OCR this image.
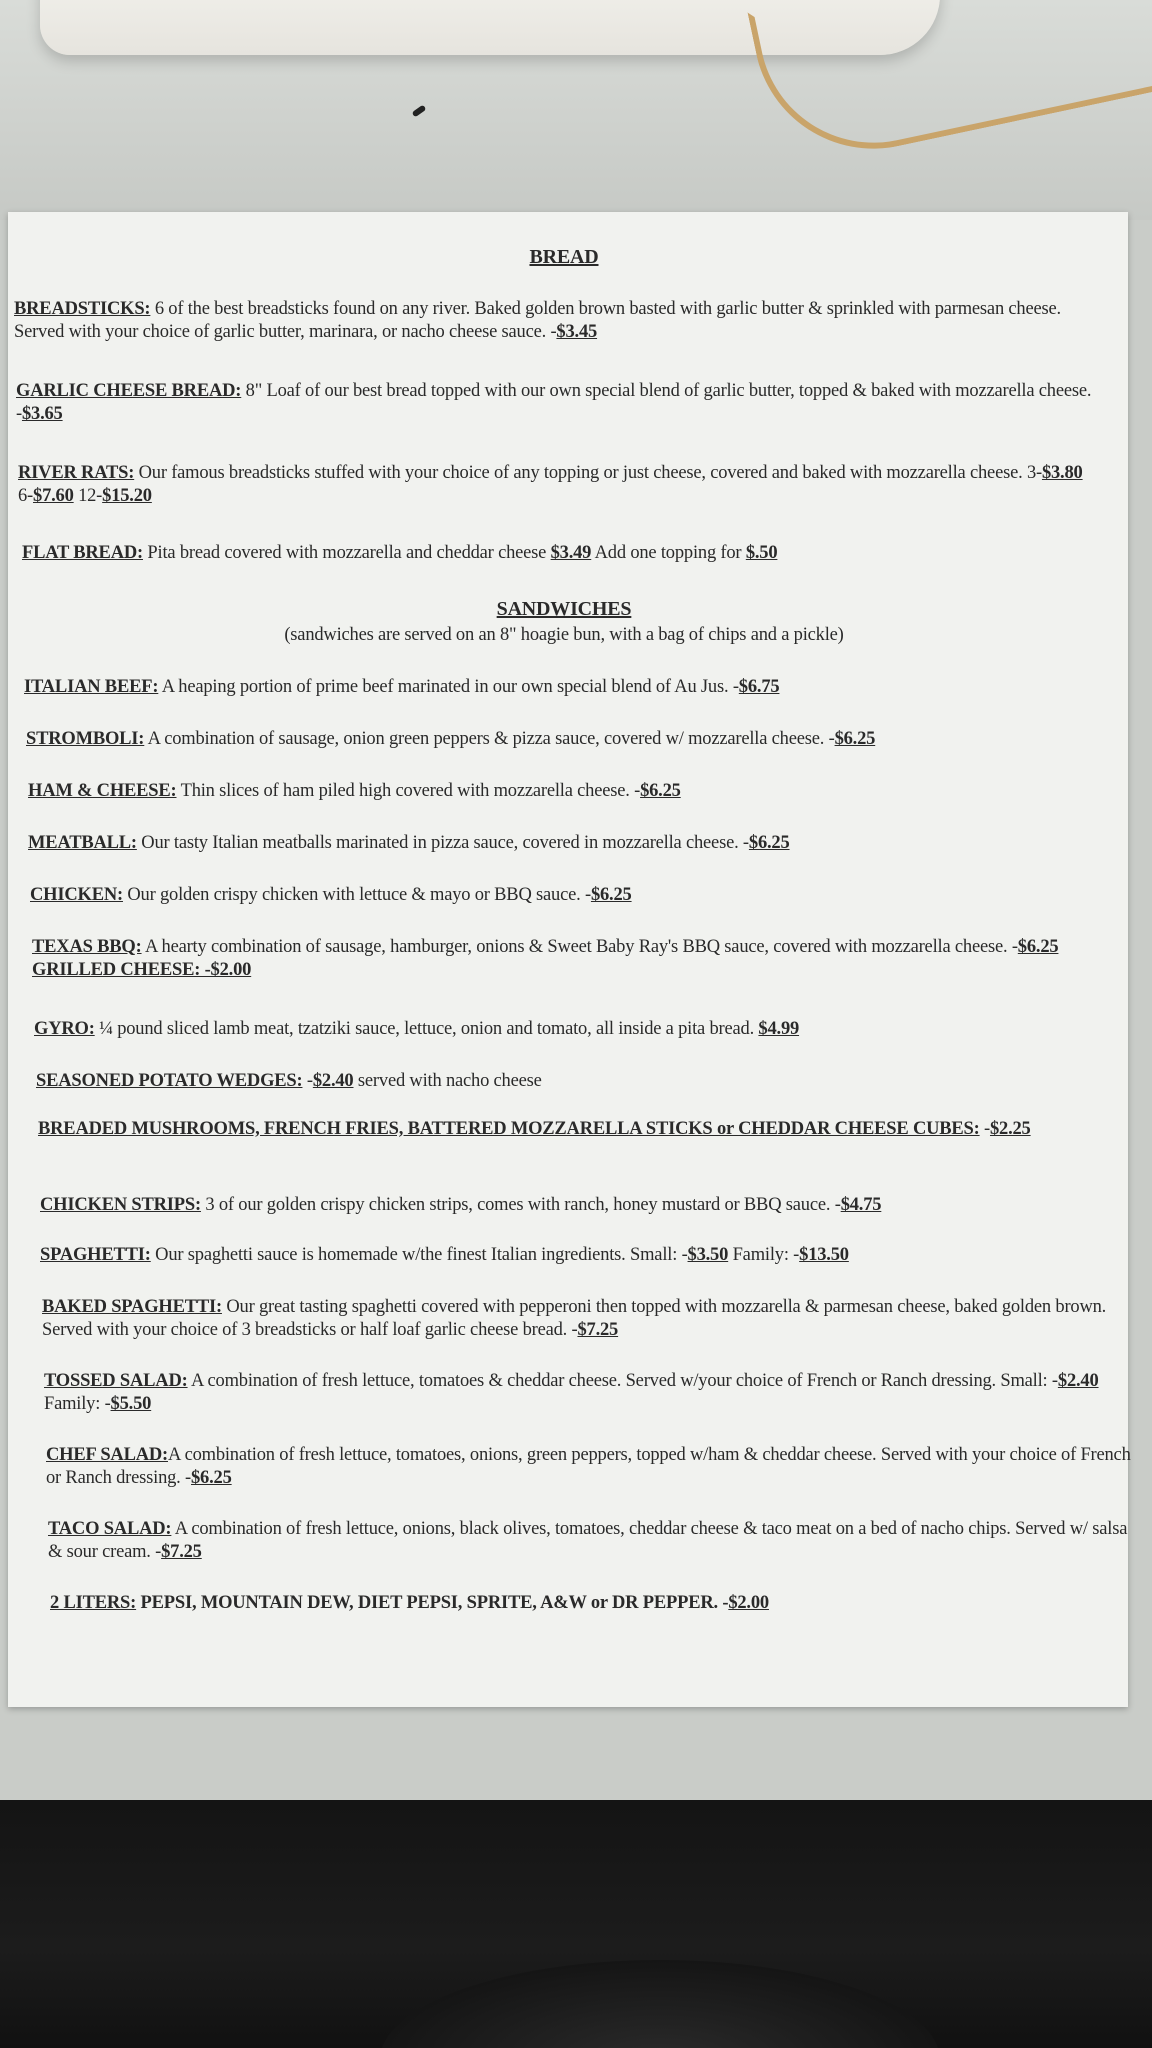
BREAD

BREADSTICKS: 6 of the best breadsticks found on any river. Baked golden brown basted with garlic butter & sprinkled with parmesan cheese. Served with your choice of garlic butter, marinara, or nacho cheese sauce. -$3.45

GARLIC CHEESE BREAD: 8" Loaf of our best bread topped with our own special blend of garlic butter, topped & baked with mozzarella cheese. -$3.65

RIVER RATS: Our famous breadsticks stuffed with your choice of any topping or just cheese, covered and baked with mozzarella cheese. 3-$3.80 6-$7.60 12-$15.20

FLAT BREAD: Pita bread covered with mozzarella and cheddar cheese $3.49 Add one topping for $.50

SANDWICHES

(sandwiches are served on an 8" hoagie bun, with a bag of chips and a pickle)

ITALIAN BEEF: A heaping portion of prime beef marinated in our own special blend of Au Jus. -$6.75

STROMBOLI: A combination of sausage, onion green peppers & pizza sauce, covered w/ mozzarella cheese. -$6.25

HAM & CHEESE: Thin slices of ham piled high covered with mozzarella cheese. -$6.25

MEATBALL: Our tasty Italian meatballs marinated in pizza sauce, covered in mozzarella cheese. -$6.25

CHICKEN: Our golden crispy chicken with lettuce & mayo or BBQ sauce. -$6.25

TEXAS BBQ: A hearty combination of sausage, hamburger, onions & Sweet Baby Ray's BBQ sauce, covered with mozzarella cheese. -$6.25GRILLED CHEESE: -$2.00

GYRO: ¼ pound sliced lamb meat, tzatziki sauce, lettuce, onion and tomato, all inside a pita bread. $4.99

SEASONED POTATO WEDGES: -$2.40 served with nacho cheese

BREADED MUSHROOMS, FRENCH FRIES, BATTERED MOZZARELLA STICKS or CHEDDAR CHEESE CUBES: -$2.25

CHICKEN STRIPS: 3 of our golden crispy chicken strips, comes with ranch, honey mustard or BBQ sauce. -$4.75

SPAGHETTI: Our spaghetti sauce is homemade w/the finest Italian ingredients. Small: -$3.50 Family: -$13.50

BAKED SPAGHETTI: Our great tasting spaghetti covered with pepperoni then topped with mozzarella & parmesan cheese, baked golden brown. Served with your choice of 3 breadsticks or half loaf garlic cheese bread. -$7.25

TOSSED SALAD: A combination of fresh lettuce, tomatoes & cheddar cheese. Served w/your choice of French or Ranch dressing. Small: -$2.40 Family: -$5.50

CHEF SALAD:A combination of fresh lettuce, tomatoes, onions, green peppers, topped w/ham & cheddar cheese. Served with your choice of French or Ranch dressing. -$6.25

TACO SALAD: A combination of fresh lettuce, onions, black olives, tomatoes, cheddar cheese & taco meat on a bed of nacho chips. Served w/ salsa & sour cream. -$7.25

2 LITERS: PEPSI, MOUNTAIN DEW, DIET PEPSI, SPRITE, A&W or DR PEPPER. -$2.00
